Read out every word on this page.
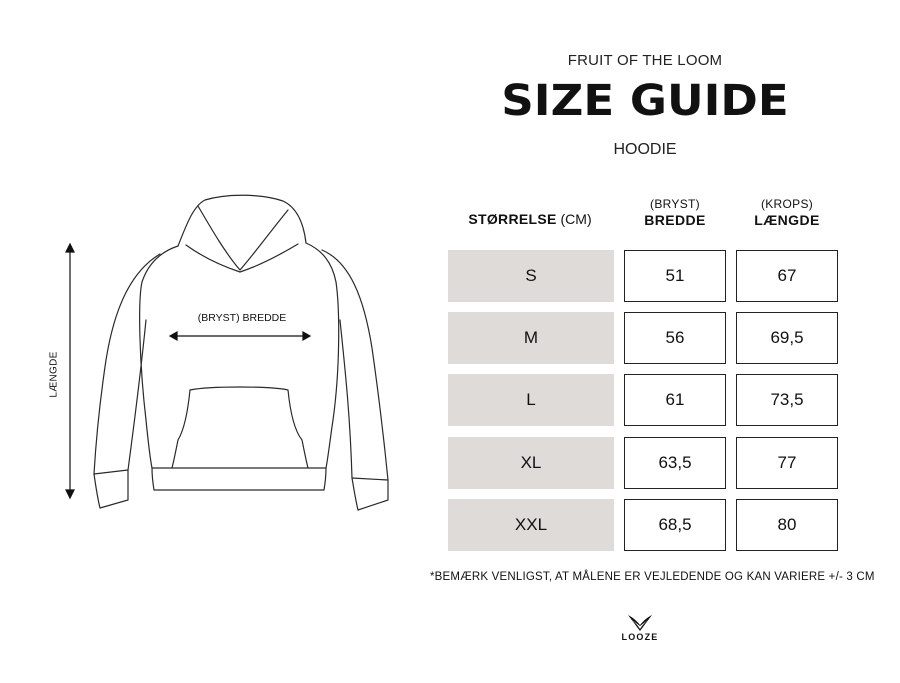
FRUIT OF THE LOOM
SIZE GUIDE
HOODIE
(BRYST) BREDDE
LÆNGDE
STØRRELSE (CM)
(BRYST)
BREDDE
(KROPS)
LÆNGDE
S	51	67
M	56	69,5
L	61	73,5
XL	63,5	77
XXL	68,5	80
*BEMÆRK VENLIGST, AT MÅLENE ER VEJLEDENDE OG KAN VARIERE +/- 3 CM
LOOZE
